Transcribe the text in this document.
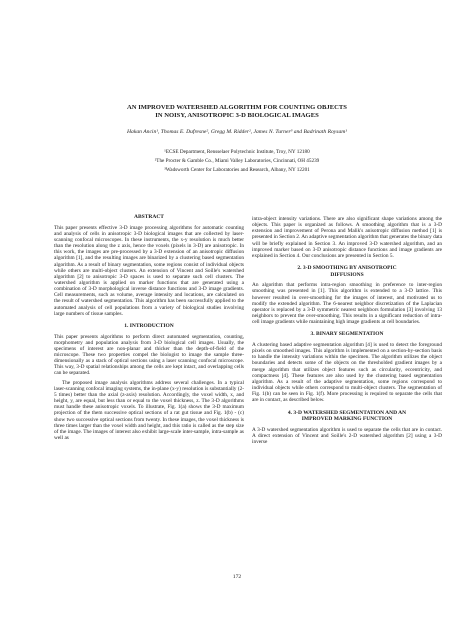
AN IMPROVED WATERSHED ALGORITHM FOR COUNTING OBJECTS
IN NOISY, ANISOTROPIC 3-D BIOLOGICAL IMAGES
Hakan Ancin¹, Thomas E. Dufresne², Gregg M. Ridder², James N. Turner³ and Badrinath Roysam¹
¹ECSE Department, Rensselaer Polytechnic Institute, Troy, NY 12180
²The Procter & Gamble Co., Miami Valley Laboratories, Cincinnati, OH 45239
³Wadsworth Center for Laboratories and Research, Albany, NY 12201
ABSTRACT

This paper presents effective 3-D image processing algorithms for automatic counting and analysis of cells in anisotropic 3-D biological images that are collected by laser-scanning confocal microscopes. In these instruments, the x-y resolution is much better than the resolution along the z axis, hence the voxels (pixels in 3-D) are anisotropic. In this work, the images are pre-processed by a 3-D extension of an anisotropic diffusion algorithm [1], and the resulting images are binarized by a clustering based segmentation algorithm. As a result of binary segmentation, some regions consist of individual objects while others are multi-object clusters. An extension of Vincent and Soille's watershed algorithm [2] to anisotropic 3-D spaces is used to separate such cell clusters. The watershed algorithm is applied on marker functions that are generated using a combination of 3-D morphological inverse distance functions and 3-D image gradients. Cell measurements, such as volume, average intensity and locations, are calculated on the result of watershed segmentation. This algorithm has been successfully applied to the automated analysis of cell populations from a variety of biological studies involving large numbers of tissue samples.

1. INTRODUCTION

This paper presents algorithms to perform direct automated segmentation, counting, morphometry and population analysis from 3-D biological cell images. Usually, the specimens of interest are non-planar and thicker than the depth-of-field of the microscope. These two properties compel the biologist to image the sample three-dimensionally as a stack of optical sections using a laser scanning confocal microscope. This way, 3-D spatial relationships among the cells are kept intact, and overlapping cells can be separated.

The proposed image analysis algorithms address several challenges. In a typical laser-scanning confocal imaging systems, the in-plane (x-y) resolution is substantially (2-5 times) better than the axial (z-axis) resolution. Accordingly, the voxel width, x, and height, y, are equal, but less than or equal to the voxel thickness, z. The 3-D algorithms must handle these anisotropic voxels. To illustrate, Fig. 1(a) shows the 3-D maximum projection of the them successive optical sections of a rat gut tissue and Fig. 1(b) - (c) show two successive optical sections from twenty. In these images, the voxel thickness is three times larger than the voxel width and height, and this ratio is called as the step size of the image. The images of interest also exhibit large-scale inter-sample, intra-sample as well as

intra-object intensity variations. There are also significant shape variations among the objects. This paper is organized as follows. A smoothing algorithm that is a 3-D extension and improvement of Perona and Malik's anisotropic diffusion method [1] is presented in Section 2. An adaptive segmentation algorithm that generates the binary data will be briefly explained in Section 3. An improved 3-D watershed algorithm, and an improved marker based on 3-D anisotropic distance functions and image gradients are explained in Section 4. Our conclusions are presented in Section 5.

2. 3-D SMOOTHING BY ANISOTROPIC
DIFFUSIONS

An algorithm that performs intra-region smoothing in preference to inter-region smoothing was presented in [1]. This algorithm is extended to a 3-D lattice. This however resulted in over-smoothing for the images of interest, and motivated us to modify the extended algorithm. The 6-nearest neighbor discretization of the Laplacian operator is replaced by a 3-D symmetric nearest neighbors formulation [3] involving 13 neighbors to prevent the over-smoothing. This results in a significant reduction of intra-cell image gradients while maintaining high image gradients at cell boundaries.

3. BINARY SEGMENTATION

A clustering based adaptive segmentation algorithm [4] is used to detect the foreground pixels on smoothed images. This algorithm is implemented on a section-by-section basis to handle the intensity variations within the specimen. The algorithm utilizes the object boundaries and detects some of the objects on the thresholded gradient images by a merge algorithm that utilizes object features such as circularity, eccentricity, and compactness [4]. These features are also used by the clustering based segmentation algorithm. As a result of the adaptive segmentation, some regions correspond to individual objects while others correspond to multi-object clusters. The segmentation of Fig. 1(b) can be seen in Fig. 1(f). More processing is required to separate the cells that are in contact, as described below.

4. 3-D WATERSHED SEGMENTATION AND AN
IMPROVED MARKING FUNCTION

A 3-D watershed segmentation algorithm is used to separate the cells that are in contact. A direct extension of Vincent and Soille's 2-D watershed algorithm [2] using a 3-D inverse

172
